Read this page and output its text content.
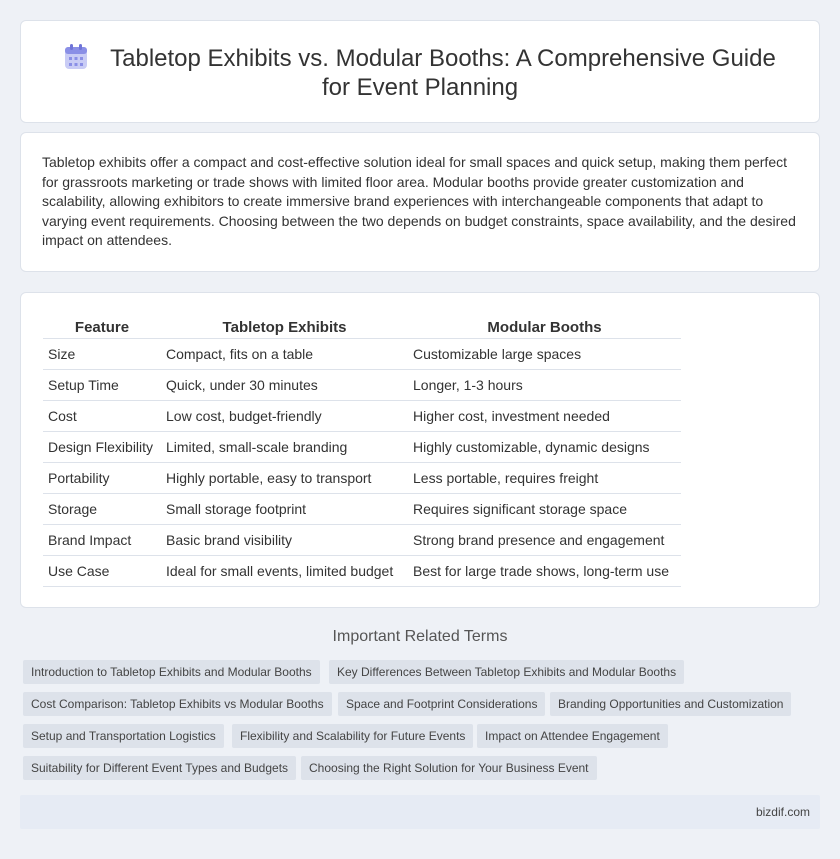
Tabletop Exhibits vs. Modular Booths: A Comprehensive Guide for Event Planning

Tabletop exhibits offer a compact and cost-effective solution ideal for small spaces and quick setup, making them perfect for grassroots marketing or trade shows with limited floor area. Modular booths provide greater customization and scalability, allowing exhibitors to create immersive brand experiences with interchangeable components that adapt to varying event requirements. Choosing between the two depends on budget constraints, space availability, and the desired impact on attendees.

Feature	Tabletop Exhibits	Modular Booths
Size	Compact, fits on a table	Customizable large spaces
Setup Time	Quick, under 30 minutes	Longer, 1-3 hours
Cost	Low cost, budget-friendly	Higher cost, investment needed
Design Flexibility	Limited, small-scale branding	Highly customizable, dynamic designs
Portability	Highly portable, easy to transport	Less portable, requires freight
Storage	Small storage footprint	Requires significant storage space
Brand Impact	Basic brand visibility	Strong brand presence and engagement
Use Case	Ideal for small events, limited budget	Best for large trade shows, long-term use
Important Related Terms
Introduction to Tabletop Exhibits and Modular Booths	Key Differences Between Tabletop Exhibits and Modular Booths
Cost Comparison: Tabletop Exhibits vs Modular Booths	Space and Footprint Considerations	Branding Opportunities and Customization
Setup and Transportation Logistics	Flexibility and Scalability for Future Events	Impact on Attendee Engagement
Suitability for Different Event Types and Budgets	Choosing the Right Solution for Your Business Event
bizdif.com
